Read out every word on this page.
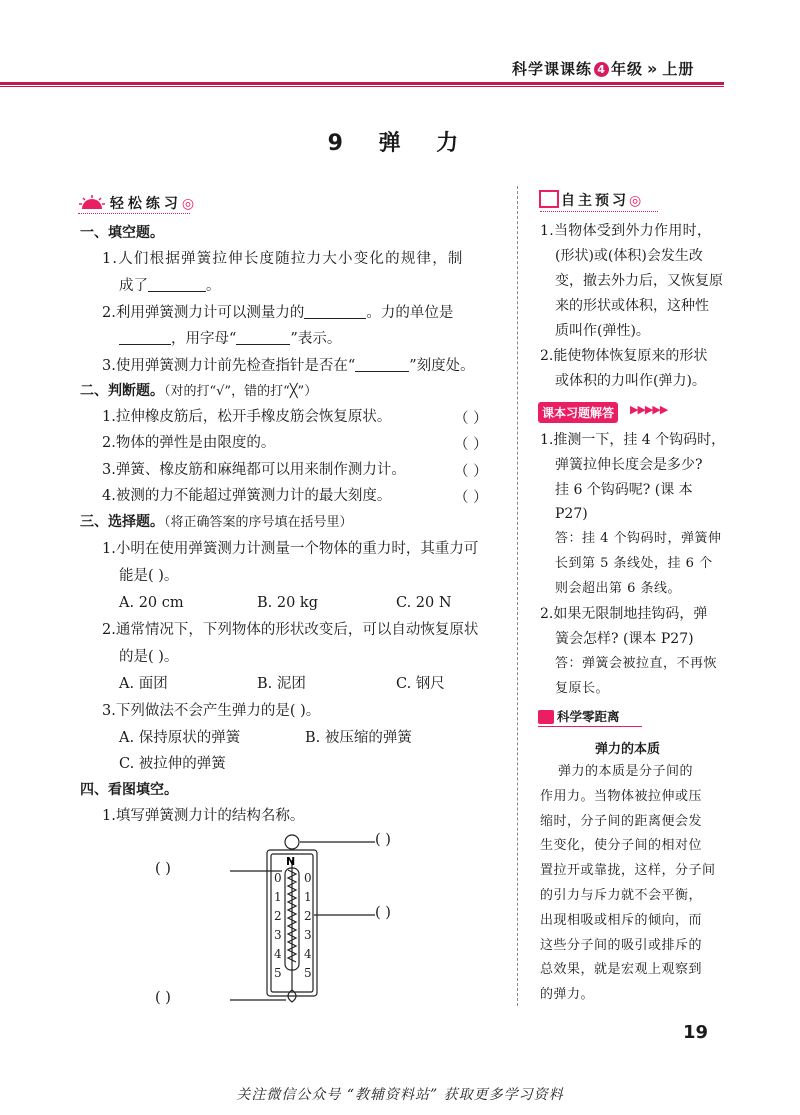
科学课课练 4 年级 » 上册
9 弹 力
轻松练习◎
一、填空题。
1.人们根据弹簧拉伸长度随拉力大小变化的规律，制
成了	。
2.利用弹簧测力计可以测量力的	。力的单位是
，用字母“	”表示。
3.使用弹簧测力计前先检查指针是否在“	”刻度处。
二、判断题。（对的打“√”，错的打“╳”）
1.拉伸橡皮筋后，松开手橡皮筋会恢复原状。	（ ）
2.物体的弹性是由限度的。	（ ）
3.弹簧、橡皮筋和麻绳都可以用来制作测力计。	（ ）
4.被测的力不能超过弹簧测力计的最大刻度。	（ ）
三、选择题。（将正确答案的序号填在括号里）
1.小明在使用弹簧测力计测量一个物体的重力时，其重力可
能是( )。
A. 20 cm	B. 20 kg	C. 20 N
2.通常情况下，下列物体的形状改变后，可以自动恢复原状
的是( )。
A. 面团	B. 泥团	C. 钢尺
3.下列做法不会产生弹力的是( )。
A. 保持原状的弹簧	B. 被压缩的弹簧
C. 被拉伸的弹簧
四、看图填空。
1.填写弹簧测力计的结构名称。
N
0
1
2
3
4
5
0
1
2
3
4
5
( )
( )
( )
( )
自主预习◎
1.当物体受到外力作用时，
(形状)或(体积)会发生改
变，撤去外力后，又恢复原
来的形状或体积，这种性
质叫作(弹性)。
2.能使物体恢复原来的形状
或体积的力叫作(弹力)。
课本习题解答	▶▶▶▶▶
1.推测一下，挂 4 个钩码时，
弹簧拉伸长度会是多少?
挂 6 个钩码呢? (课 本
P27)
答：挂 4 个钩码时，弹簧伸
长到第 5 条线处，挂 6 个
则会超出第 6 条线。
2.如果无限制地挂钩码，弹
簧会怎样? (课本 P27)
答：弹簧会被拉直，不再恢
复原长。
科学零距离
弹力的本质
弹力的本质是分子间的
作用力。当物体被拉伸或压
缩时，分子间的距离便会发
生变化，使分子间的相对位
置拉开或靠拢，这样，分子间
的引力与斥力就不会平衡，
出现相吸或相斥的倾向，而
这些分子间的吸引或排斥的
总效果，就是宏观上观察到
的弹力。
19
关注微信公众号 “教辅资料站” 获取更多学习资料
